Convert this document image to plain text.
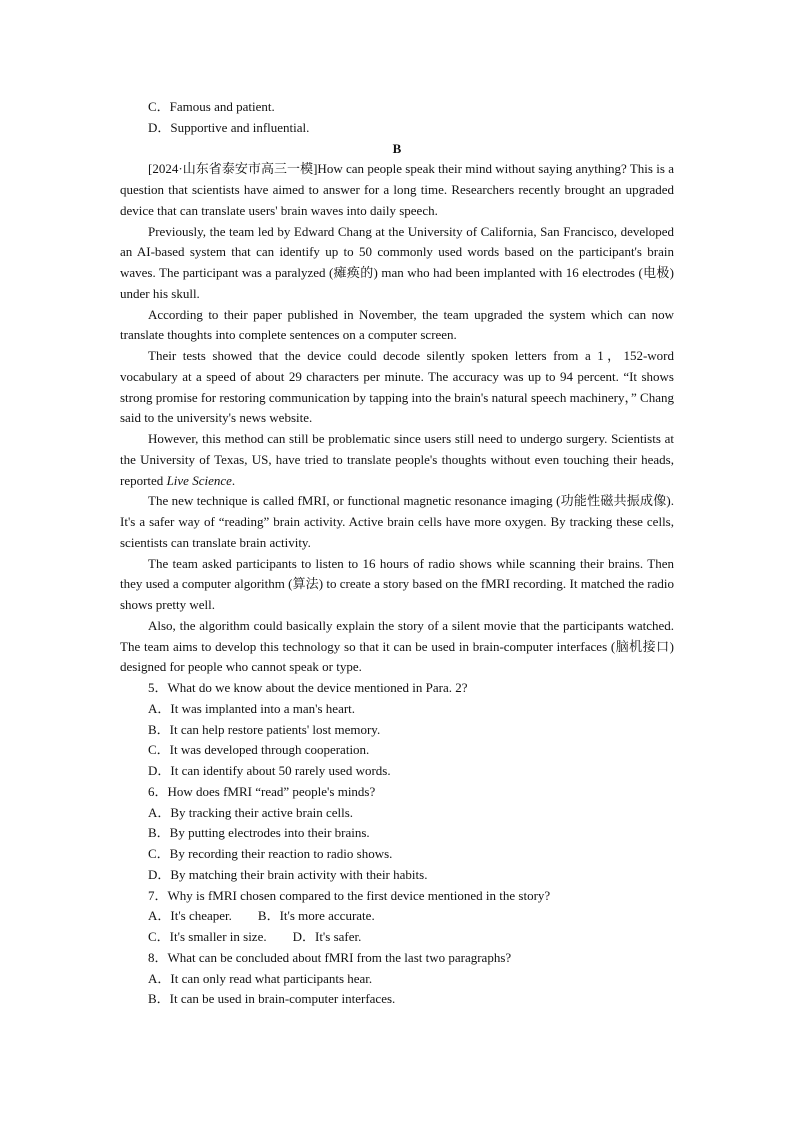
C．Famous and patient.
D．Supportive and influential.
B

[2024·山东省泰安市高三一模]How can people speak their mind without saying anything? This is a question that scientists have aimed to answer for a long time. Researchers recently brought an upgraded device that can translate users' brain waves into daily speech.

Previously, the team led by Edward Chang at the University of California, San Francisco, developed an AI-based system that can identify up to 50 commonly used words based on the participant's brain waves. The participant was a paralyzed (瘫痪的) man who had been implanted with 16 electrodes (电极) under his skull.

According to their paper published in November, the team upgraded the system which can now translate thoughts into complete sentences on a computer screen.

Their tests showed that the device could decode silently spoken letters from a 1，152-word vocabulary at a speed of about 29 characters per minute. The accuracy was up to 94 percent. “It shows strong promise for restoring communication by tapping into the brain's natural speech machinery，” Chang said to the university's news website.

However, this method can still be problematic since users still need to undergo surgery. Scientists at the University of Texas, US, have tried to translate people's thoughts without even touching their heads, reported Live Science.

The new technique is called fMRI, or functional magnetic resonance imaging (功能性磁共振成像). It's a safer way of “reading” brain activity. Active brain cells have more oxygen. By tracking these cells, scientists can translate brain activity.

The team asked participants to listen to 16 hours of radio shows while scanning their brains. Then they used a computer algorithm (算法) to create a story based on the fMRI recording. It matched the radio shows pretty well.

Also, the algorithm could basically explain the story of a silent movie that the participants watched. The team aims to develop this technology so that it can be used in brain-computer interfaces (脑机接口) designed for people who cannot speak or type.

5．What do we know about the device mentioned in Para. 2?
A．It was implanted into a man's heart.
B．It can help restore patients' lost memory.
C．It was developed through cooperation.
D．It can identify about 50 rarely used words.
6．How does fMRI “read” people's minds?
A．By tracking their active brain cells.
B．By putting electrodes into their brains.
C．By recording their reaction to radio shows.
D．By matching their brain activity with their habits.
7．Why is fMRI chosen compared to the first device mentioned in the story?
A．It's cheaper.        B．It's more accurate.
C．It's smaller in size.        D．It's safer.
8．What can be concluded about fMRI from the last two paragraphs?
A．It can only read what participants hear.
B．It can be used in brain-computer interfaces.
